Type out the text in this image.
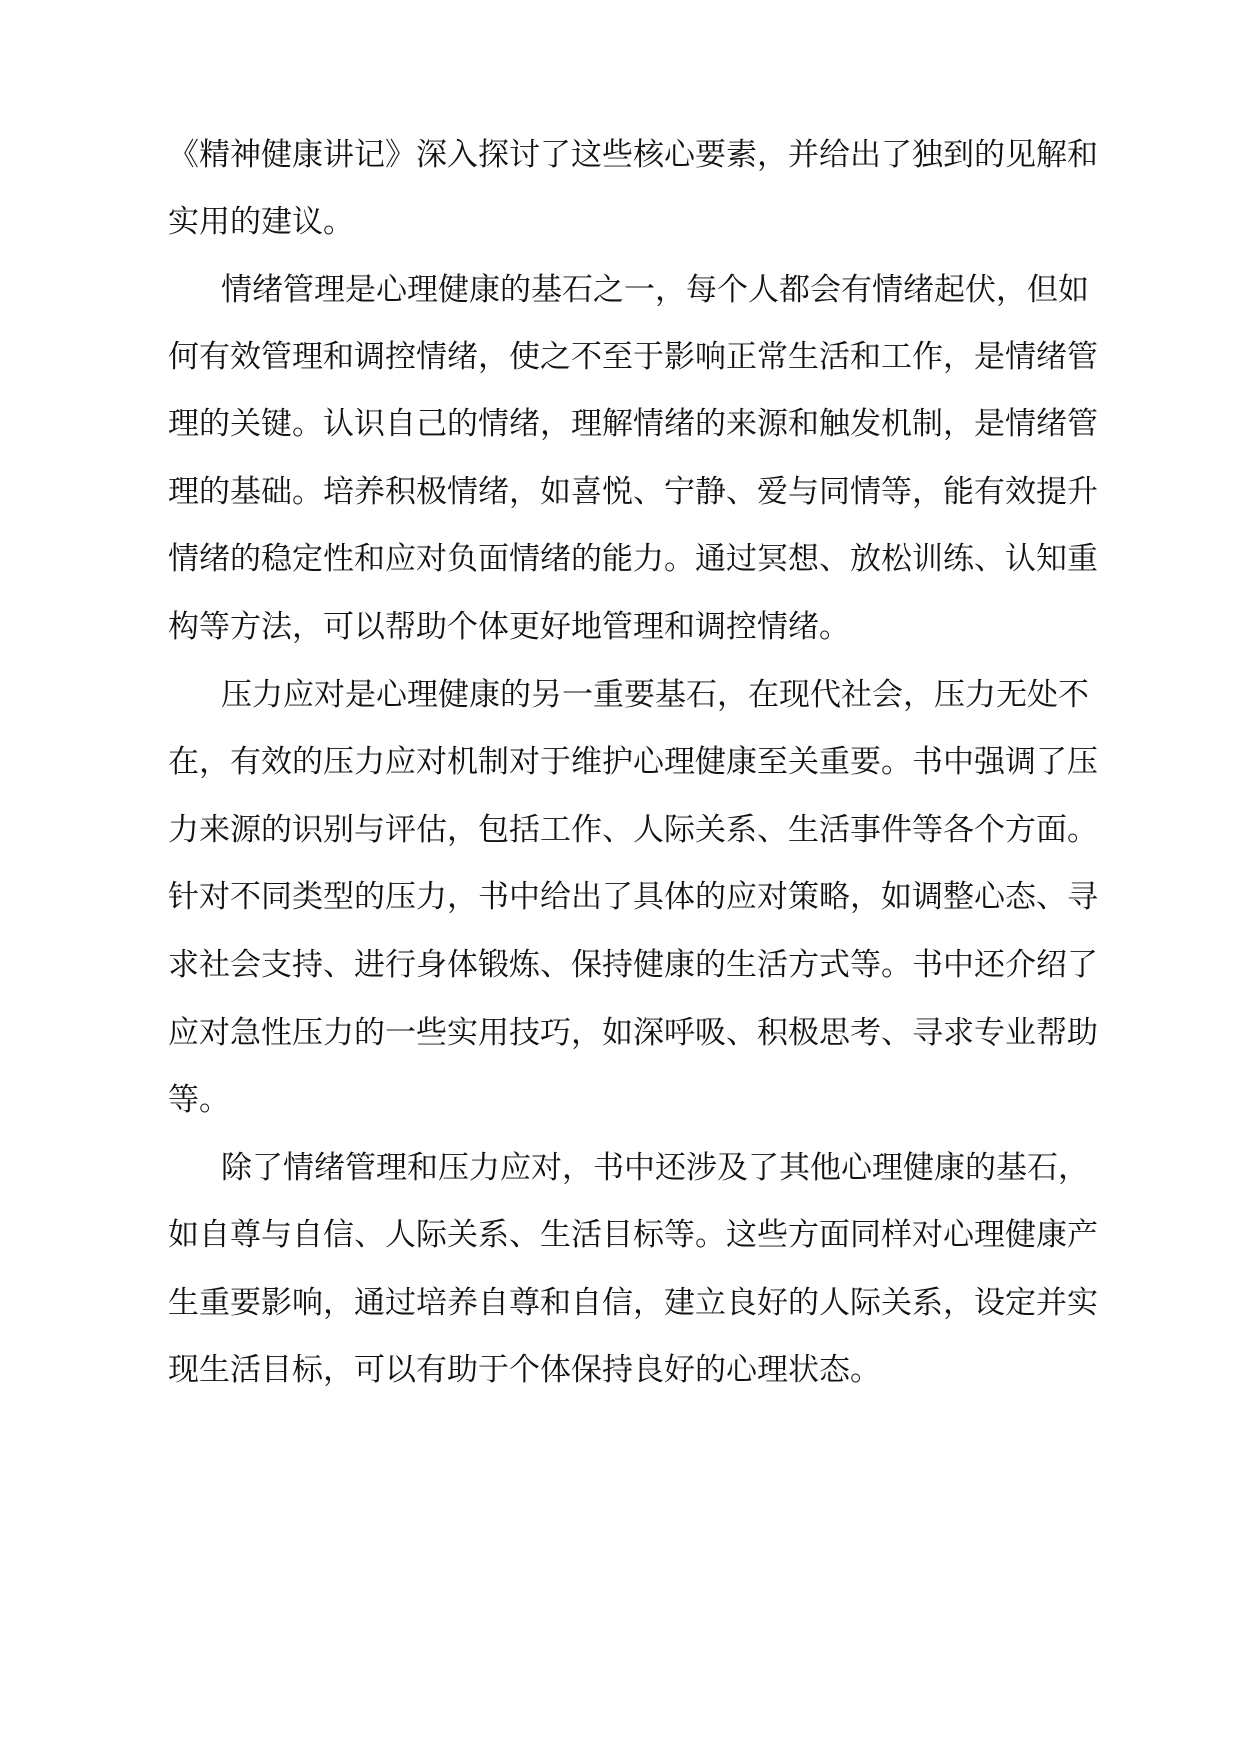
《精神健康讲记》深入探讨了这些核心要素，并给出了独到的见解和
实用的建议。
情绪管理是心理健康的基石之一，每个人都会有情绪起伏，但如
何有效管理和调控情绪，使之不至于影响正常生活和工作，是情绪管
理的关键。认识自己的情绪，理解情绪的来源和触发机制，是情绪管
理的基础。培养积极情绪，如喜悦、宁静、爱与同情等，能有效提升
情绪的稳定性和应对负面情绪的能力。通过冥想、放松训练、认知重
构等方法，可以帮助个体更好地管理和调控情绪。
压力应对是心理健康的另一重要基石，在现代社会，压力无处不
在，有效的压力应对机制对于维护心理健康至关重要。书中强调了压
力来源的识别与评估，包括工作、人际关系、生活事件等各个方面。
针对不同类型的压力，书中给出了具体的应对策略，如调整心态、寻
求社会支持、进行身体锻炼、保持健康的生活方式等。书中还介绍了
应对急性压力的一些实用技巧，如深呼吸、积极思考、寻求专业帮助
等。
除了情绪管理和压力应对，书中还涉及了其他心理健康的基石，
如自尊与自信、人际关系、生活目标等。这些方面同样对心理健康产
生重要影响，通过培养自尊和自信，建立良好的人际关系，设定并实
现生活目标，可以有助于个体保持良好的心理状态。
